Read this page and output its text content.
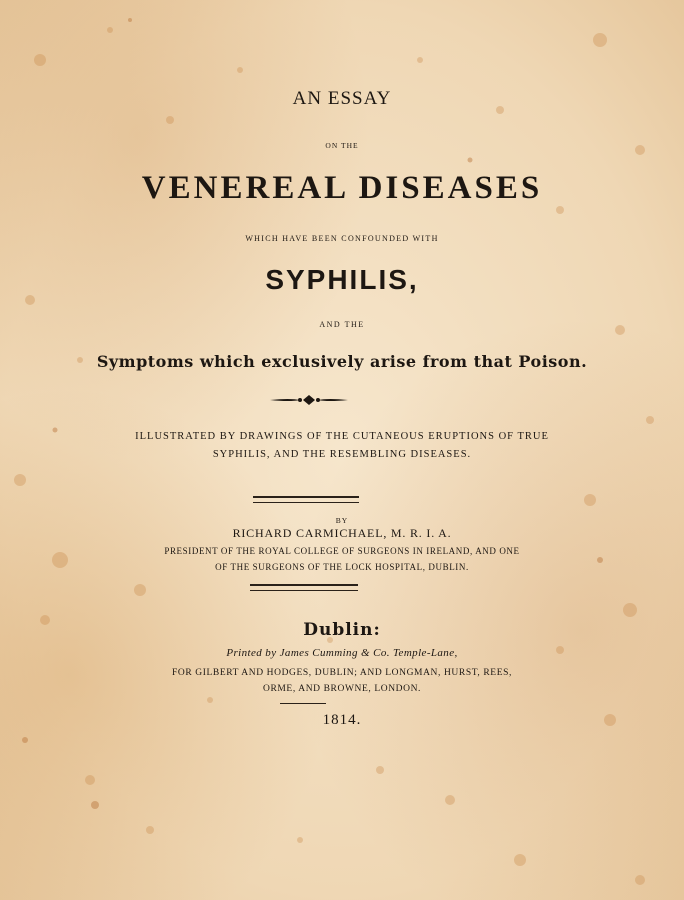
AN ESSAY
ON THE
VENEREAL DISEASES
WHICH HAVE BEEN CONFOUNDED WITH
SYPHILIS,
AND THE
Symptoms which exclusively arise from that Poison.
ILLUSTRATED BY DRAWINGS OF THE CUTANEOUS ERUPTIONS OF TRUE
SYPHILIS, AND THE RESEMBLING DISEASES.
BY
RICHARD CARMICHAEL, M. R. I. A.
PRESIDENT OF THE ROYAL COLLEGE OF SURGEONS IN IRELAND, AND ONE
OF THE SURGEONS OF THE LOCK HOSPITAL, DUBLIN.
Dublin:
Printed by James Cumming & Co. Temple-Lane,
FOR GILBERT AND HODGES, DUBLIN; AND LONGMAN, HURST, REES,
ORME, AND BROWNE, LONDON.
1814.
